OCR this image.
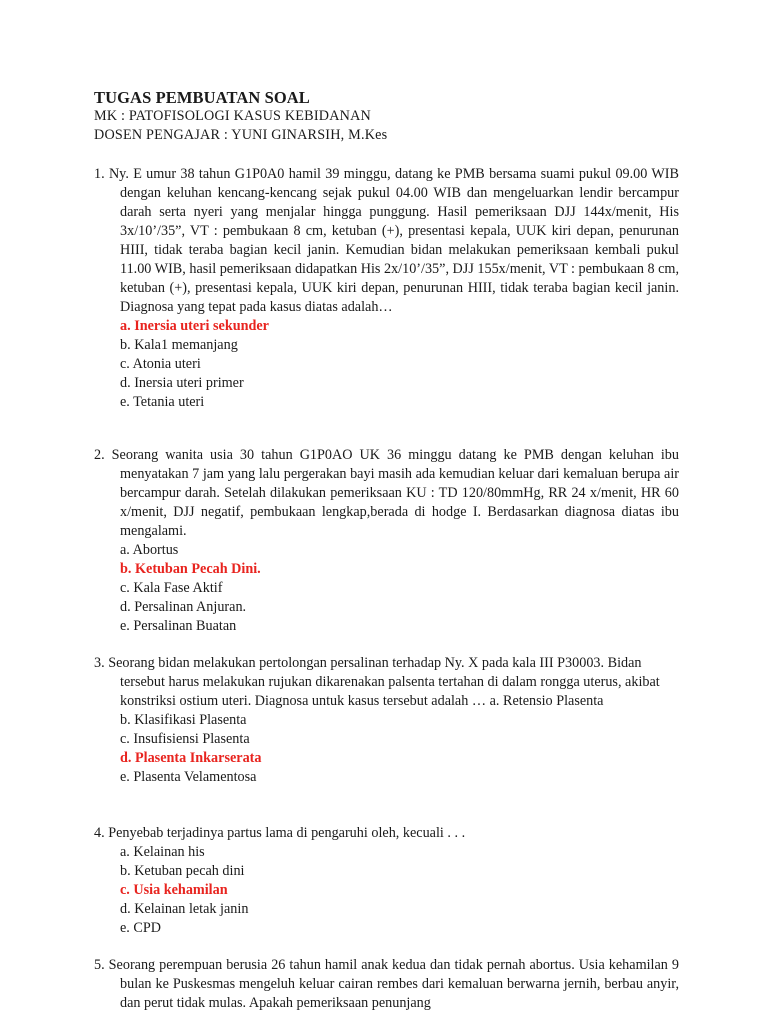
TUGAS PEMBUATAN SOAL
MK : PATOFISOLOGI KASUS KEBIDANAN
DOSEN PENGAJAR : YUNI GINARSIH, M.Kes

1. Ny. E umur 38 tahun G1P0A0 hamil 39 minggu, datang ke PMB bersama suami pukul 09.00 WIB dengan keluhan kencang-kencang sejak pukul 04.00 WIB dan mengeluarkan lendir bercampur darah serta nyeri yang menjalar hingga punggung. Hasil pemeriksaan DJJ 144x/menit, His 3x/10’/35”, VT : pembukaan 8 cm, ketuban (+), presentasi kepala, UUK kiri depan, penurunan HIII, tidak teraba bagian kecil janin. Kemudian bidan melakukan pemeriksaan kembali pukul 11.00 WIB, hasil pemeriksaan didapatkan His 2x/10’/35”, DJJ 155x/menit, VT : pembukaan 8 cm, ketuban (+), presentasi kepala, UUK kiri depan, penurunan HIII, tidak teraba bagian kecil janin. Diagnosa yang tepat pada kasus diatas adalah…

a. Inersia uteri sekunder
b. Kala1 memanjang
c. Atonia uteri
d. Inersia uteri primer
e. Tetania uteri

2. Seorang wanita usia 30 tahun G1P0AO UK 36 minggu datang ke PMB dengan keluhan ibu menyatakan 7 jam yang lalu pergerakan bayi masih ada kemudian keluar dari kemaluan berupa air bercampur darah. Setelah dilakukan pemeriksaan KU : TD 120/80mmHg, RR 24 x/menit, HR 60 x/menit, DJJ negatif, pembukaan lengkap,berada di hodge I. Berdasarkan diagnosa diatas ibu mengalami.

a. Abortus
b. Ketuban Pecah Dini.
c. Kala Fase Aktif
d. Persalinan Anjuran.
e. Persalinan Buatan

3. Seorang bidan melakukan pertolongan persalinan terhadap Ny. X pada kala III P30003. Bidan tersebut harus melakukan rujukan dikarenakan palsenta tertahan di dalam rongga uterus, akibat konstriksi ostium uteri. Diagnosa untuk kasus tersebut adalah … a. Retensio Plasenta

b. Klasifikasi Plasenta
c. Insufisiensi Plasenta
d. Plasenta Inkarserata
e. Plasenta Velamentosa

4. Penyebab terjadinya partus lama di pengaruhi oleh, kecuali . . .

a. Kelainan his
b. Ketuban pecah dini
c. Usia kehamilan
d. Kelainan letak janin
e. CPD

5. Seorang perempuan berusia 26 tahun hamil anak kedua dan tidak pernah abortus. Usia kehamilan 9 bulan ke Puskesmas mengeluh keluar cairan rembes dari kemaluan berwarna jernih, berbau anyir, dan perut tidak mulas. Apakah pemeriksaan penunjang
